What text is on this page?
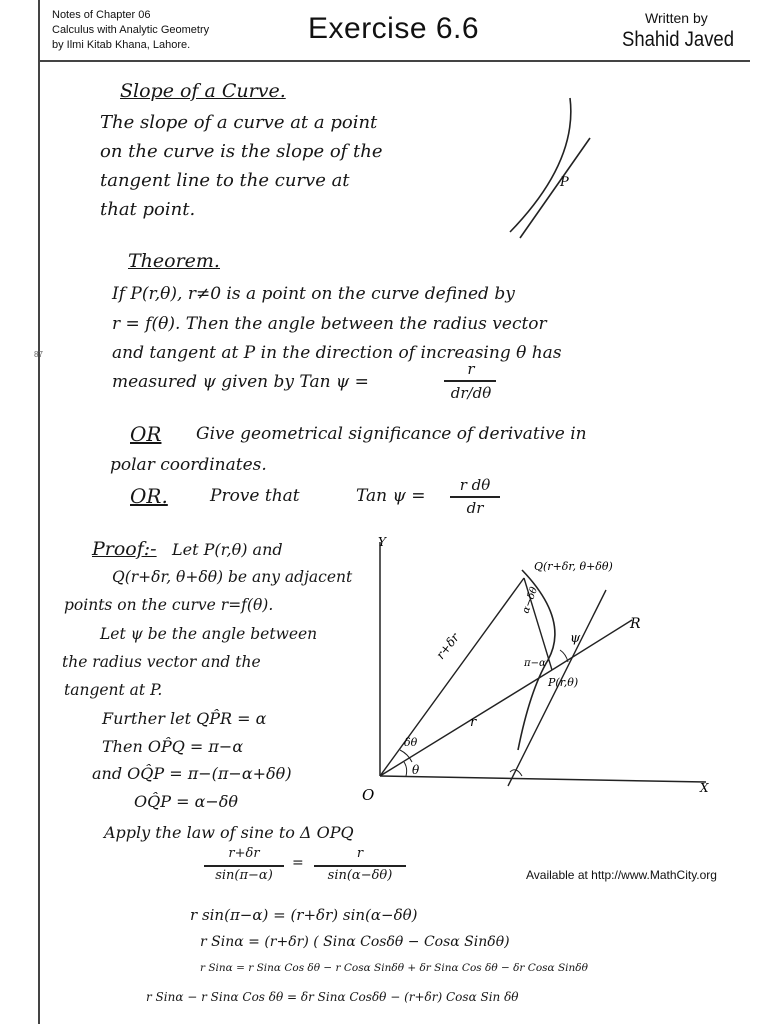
Notes of Chapter 06
Calculus with Analytic Geometry
by Ilmi Kitab Khana, Lahore.	Exercise 6.6	Written by
Shahid Javed
Slope of a Curve.
The slope of a curve at a point
on the curve is the slope of the
tangent line to the curve at
that point.
P
Theorem.
If P(r,θ), r≠0 is a point on the curve defined by
r = f(θ). Then the angle between the radius vector
and tangent at P in the direction of increasing θ has
measured ψ given by Tan ψ =
r
dr/dθ
87
OR Give geometrical significance of derivative in
polar coordinates.
OR. Prove that	Tan ψ =
r dθ
dr
Proof:- Let P(r,θ) and
Q(r+δr, θ+δθ) be any adjacent
points on the curve r=f(θ).
Let ψ be the angle between
the radius vector and the
tangent at P.
Further let QP̂R = α
Then OP̂Q = π−α
and OQ̂P = π−(π−α+δθ)
OQ̂P = α−δθ
Apply the law of sine to Δ OPQ
r+δr
sin(π−α)
=
r
sin(α−δθ)
r sin(π−α) = (r+δr) sin(α−δθ)
r Sinα = (r+δr) ( Sinα Cosδθ − Cosα Sinδθ)
r Sinα = r Sinα Cos δθ − r Cosα Sinδθ + δr Sinα Cos δθ − δr Cosα Sinδθ
r Sinα − r Sinα Cos δθ = δr Sinα Cosδθ − (r+δr) Cosα Sin δθ
Available at http://www.MathCity.org
Y
X
O
Q(r+δr, θ+δθ)
P(r,θ)
R
r
r+δr	ψ
α−δθ
π−α
δθ
θ
